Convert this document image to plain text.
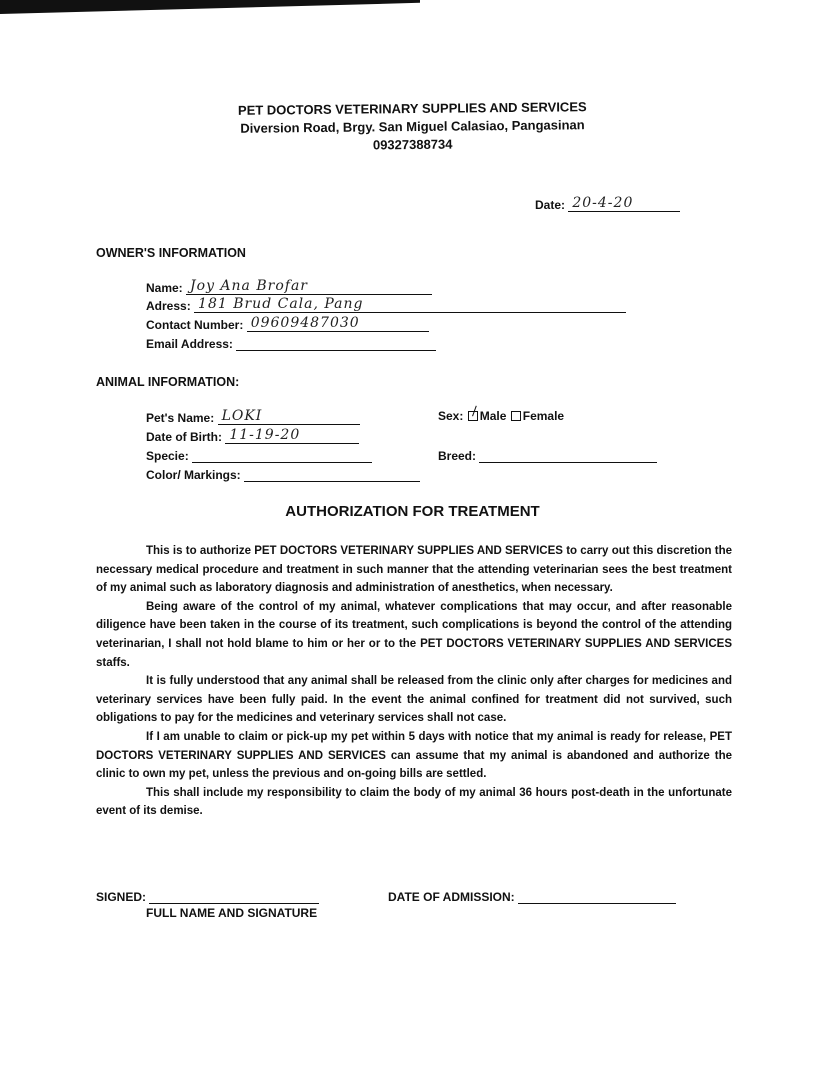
PET DOCTORS VETERINARY SUPPLIES AND SERVICES
Diversion Road, Brgy. San Miguel Calasiao, Pangasinan
09327388734
Date: 20-4-20
OWNER'S INFORMATION
Name: Joy Ana Brofar
Adress: 181 Brud Cala, Pang
Contact Number: 09609487030
Email Address:
ANIMAL INFORMATION:
Pet's Name: LOKI
Date of Birth: 11-19-20
Specie:
Color/ Markings:
Sex: Male Female
Breed:
AUTHORIZATION FOR TREATMENT

This is to authorize PET DOCTORS VETERINARY SUPPLIES AND SERVICES to carry out this discretion the necessary medical procedure and treatment in such manner that the attending veterinarian sees the best treatment of my animal such as laboratory diagnosis and administration of anesthetics, when necessary.

Being aware of the control of my animal, whatever complications that may occur, and after reasonable diligence have been taken in the course of its treatment, such complications is beyond the control of the attending veterinarian, I shall not hold blame to him or her or to the PET DOCTORS VETERINARY SUPPLIES AND SERVICES staffs.

It is fully understood that any animal shall be released from the clinic only after charges for medicines and veterinary services have been fully paid. In the event the animal confined for treatment did not survived, such obligations to pay for the medicines and veterinary services shall not case.

If I am unable to claim or pick-up my pet within 5 days with notice that my animal is ready for release, PET DOCTORS VETERINARY SUPPLIES AND SERVICES can assume that my animal is abandoned and authorize the clinic to own my pet, unless the previous and on-going bills are settled.

This shall include my responsibility to claim the body of my animal 36 hours post-death in the unfortunate event of its demise.

SIGNED:
FULL NAME AND SIGNATURE
DATE OF ADMISSION:
